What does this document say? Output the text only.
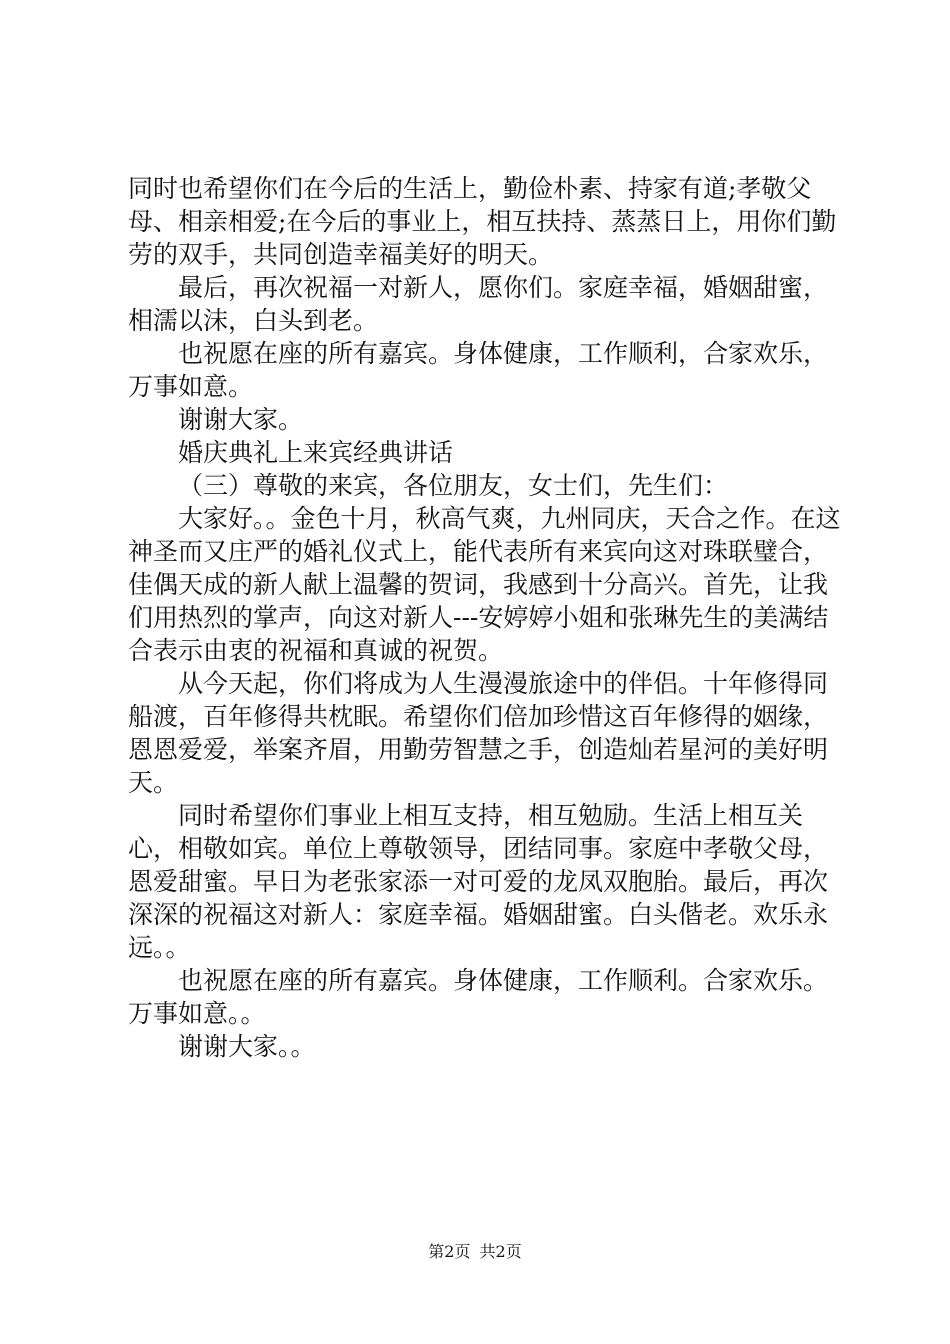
同时也希望你们在今后的生活上，勤俭朴素、持家有道;孝敬父母、相亲相爱;在今后的事业上，相互扶持、蒸蒸日上，用你们勤劳的双手，共同创造幸福美好的明天。

最后，再次祝福一对新人，愿你们。家庭幸福，婚姻甜蜜，相濡以沫，白头到老。

也祝愿在座的所有嘉宾。身体健康，工作顺利，合家欢乐，万事如意。

谢谢大家。

婚庆典礼上来宾经典讲话

（三）尊敬的来宾，各位朋友，女士们，先生们：

大家好。。金色十月，秋高气爽，九州同庆，天合之作。在这神圣而又庄严的婚礼仪式上，能代表所有来宾向这对珠联璧合，佳偶天成的新人献上温馨的贺词，我感到十分高兴。首先，让我们用热烈的掌声，向这对新人---安婷婷小姐和张琳先生的美满结合表示由衷的祝福和真诚的祝贺。

从今天起，你们将成为人生漫漫旅途中的伴侣。十年修得同船渡，百年修得共枕眠。希望你们倍加珍惜这百年修得的姻缘，恩恩爱爱，举案齐眉，用勤劳智慧之手，创造灿若星河的美好明天。

同时希望你们事业上相互支持，相互勉励。生活上相互关心，相敬如宾。单位上尊敬领导，团结同事。家庭中孝敬父母，恩爱甜蜜。早日为老张家添一对可爱的龙凤双胞胎。最后，再次深深的祝福这对新人：家庭幸福。婚姻甜蜜。白头偕老。欢乐永远。。

也祝愿在座的所有嘉宾。身体健康，工作顺利。合家欢乐。万事如意。。

谢谢大家。。

第2页 共2页
